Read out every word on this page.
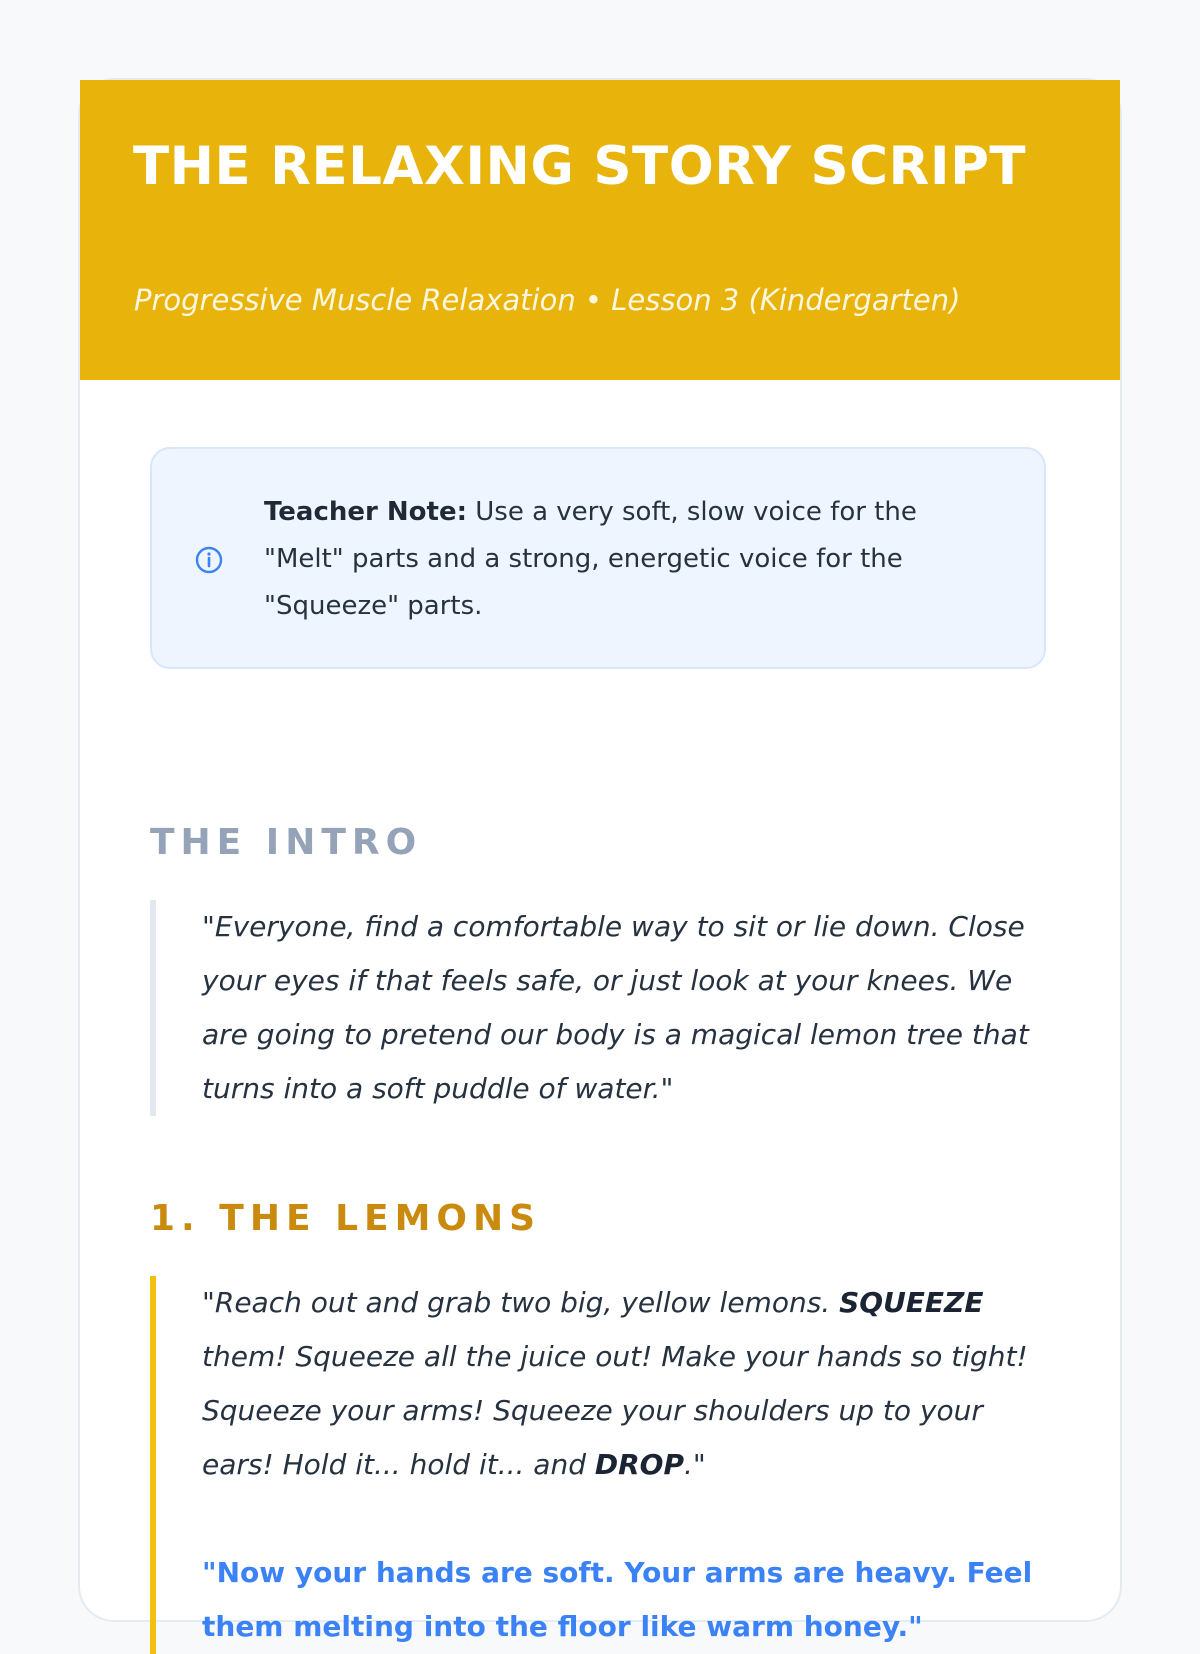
THE RELAXING STORY SCRIPT
Progressive Muscle Relaxation • Lesson 3 (Kindergarten)
Teacher Note: Use a very soft, slow voice for the "Melt" parts and a strong, energetic voice for the "Squeeze" parts.
THE INTRO
"Everyone, find a comfortable way to sit or lie down. Close your eyes if that feels safe, or just look at your knees. We are going to pretend our body is a magical lemon tree that turns into a soft puddle of water."
1. THE LEMONS
"Reach out and grab two big, yellow lemons. SQUEEZE them! Squeeze all the juice out! Make your hands so tight! Squeeze your arms! Squeeze your shoulders up to your ears! Hold it... hold it... and DROP."
"Now your hands are soft. Your arms are heavy. Feel them melting into the floor like warm honey."
